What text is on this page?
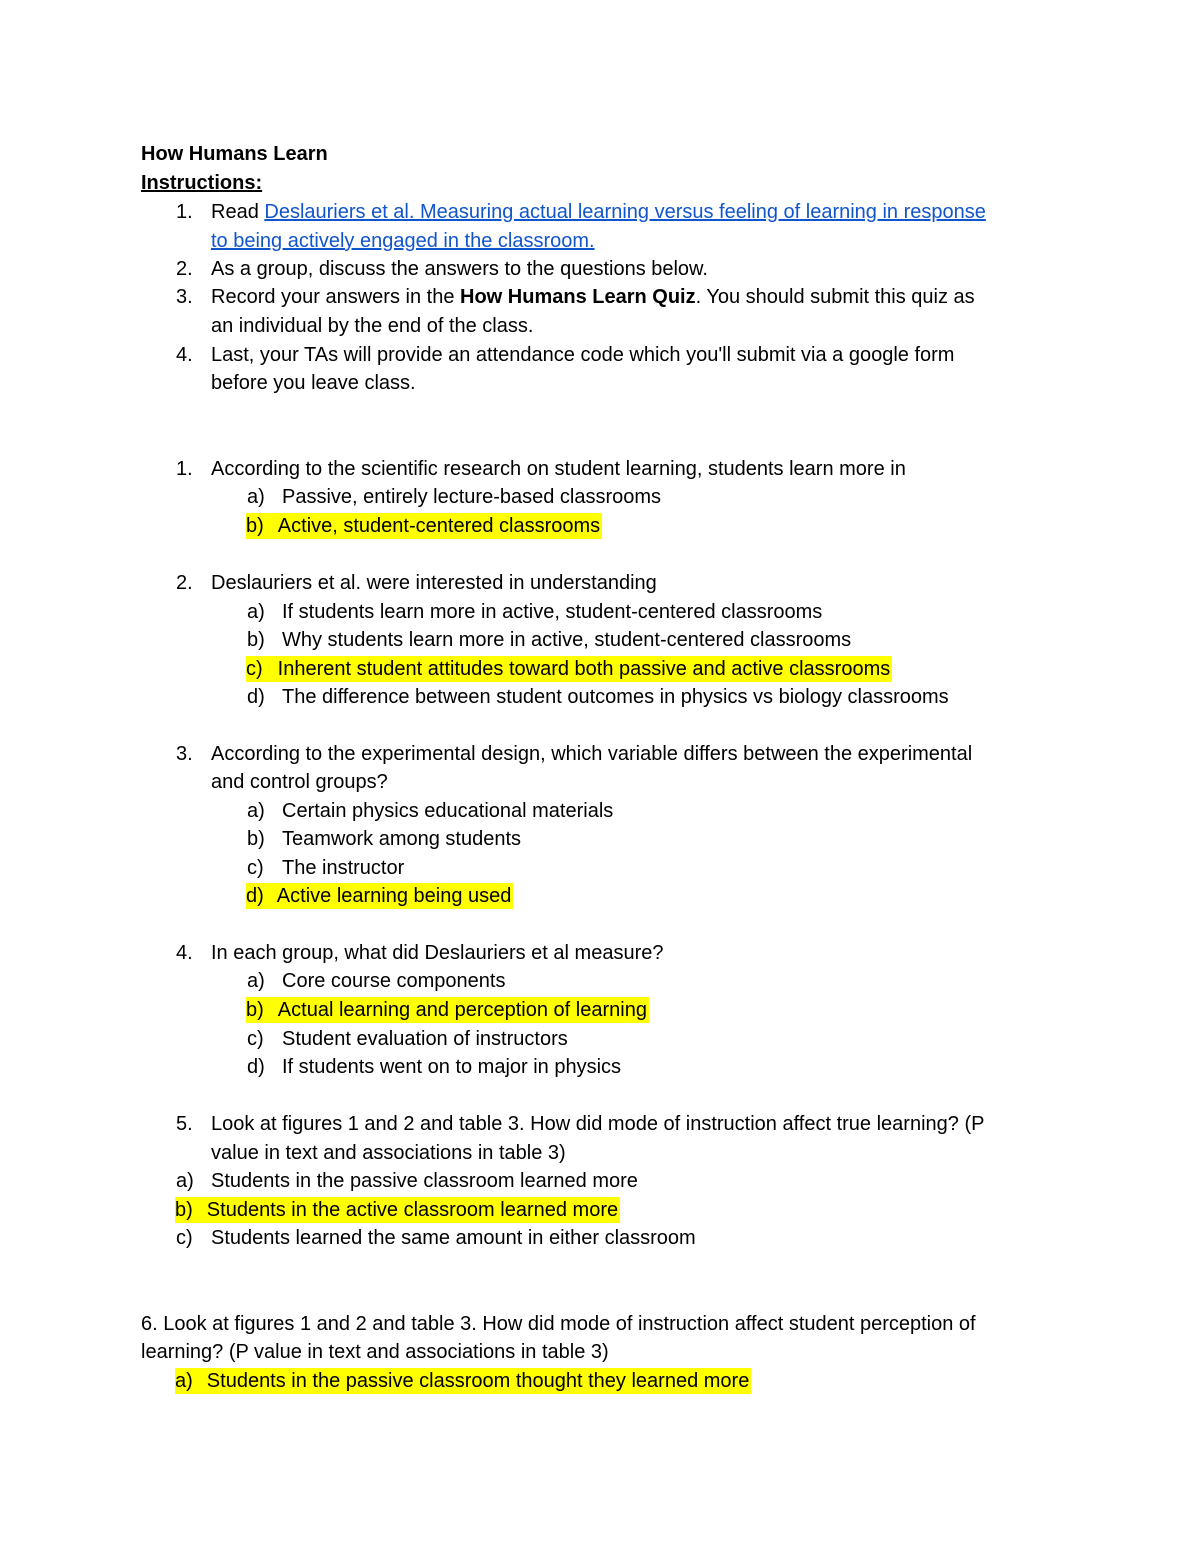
How Humans Learn
Instructions:
1. Read Deslauriers et al. Measuring actual learning versus feeling of learning in response
to being actively engaged in the classroom.
2. As a group, discuss the answers to the questions below.
3. Record your answers in the How Humans Learn Quiz. You should submit this quiz as
an individual by the end of the class.
4. Last, your TAs will provide an attendance code which you'll submit via a google form
before you leave class.
1. According to the scientific research on student learning, students learn more in
a) Passive, entirely lecture-based classrooms
b) Active, student-centered classrooms
2. Deslauriers et al. were interested in understanding
a) If students learn more in active, student-centered classrooms
b) Why students learn more in active, student-centered classrooms
c) Inherent student attitudes toward both passive and active classrooms
d) The difference between student outcomes in physics vs biology classrooms
3. According to the experimental design, which variable differs between the experimental
and control groups?
a) Certain physics educational materials
b) Teamwork among students
c) The instructor
d) Active learning being used
4. In each group, what did Deslauriers et al measure?
a) Core course components
b) Actual learning and perception of learning
c) Student evaluation of instructors
d) If students went on to major in physics
5. Look at figures 1 and 2 and table 3. How did mode of instruction affect true learning? (P
value in text and associations in table 3)
a) Students in the passive classroom learned more
b) Students in the active classroom learned more
c) Students learned the same amount in either classroom
6. Look at figures 1 and 2 and table 3. How did mode of instruction affect student perception of
learning? (P value in text and associations in table 3)
a) Students in the passive classroom thought they learned more
